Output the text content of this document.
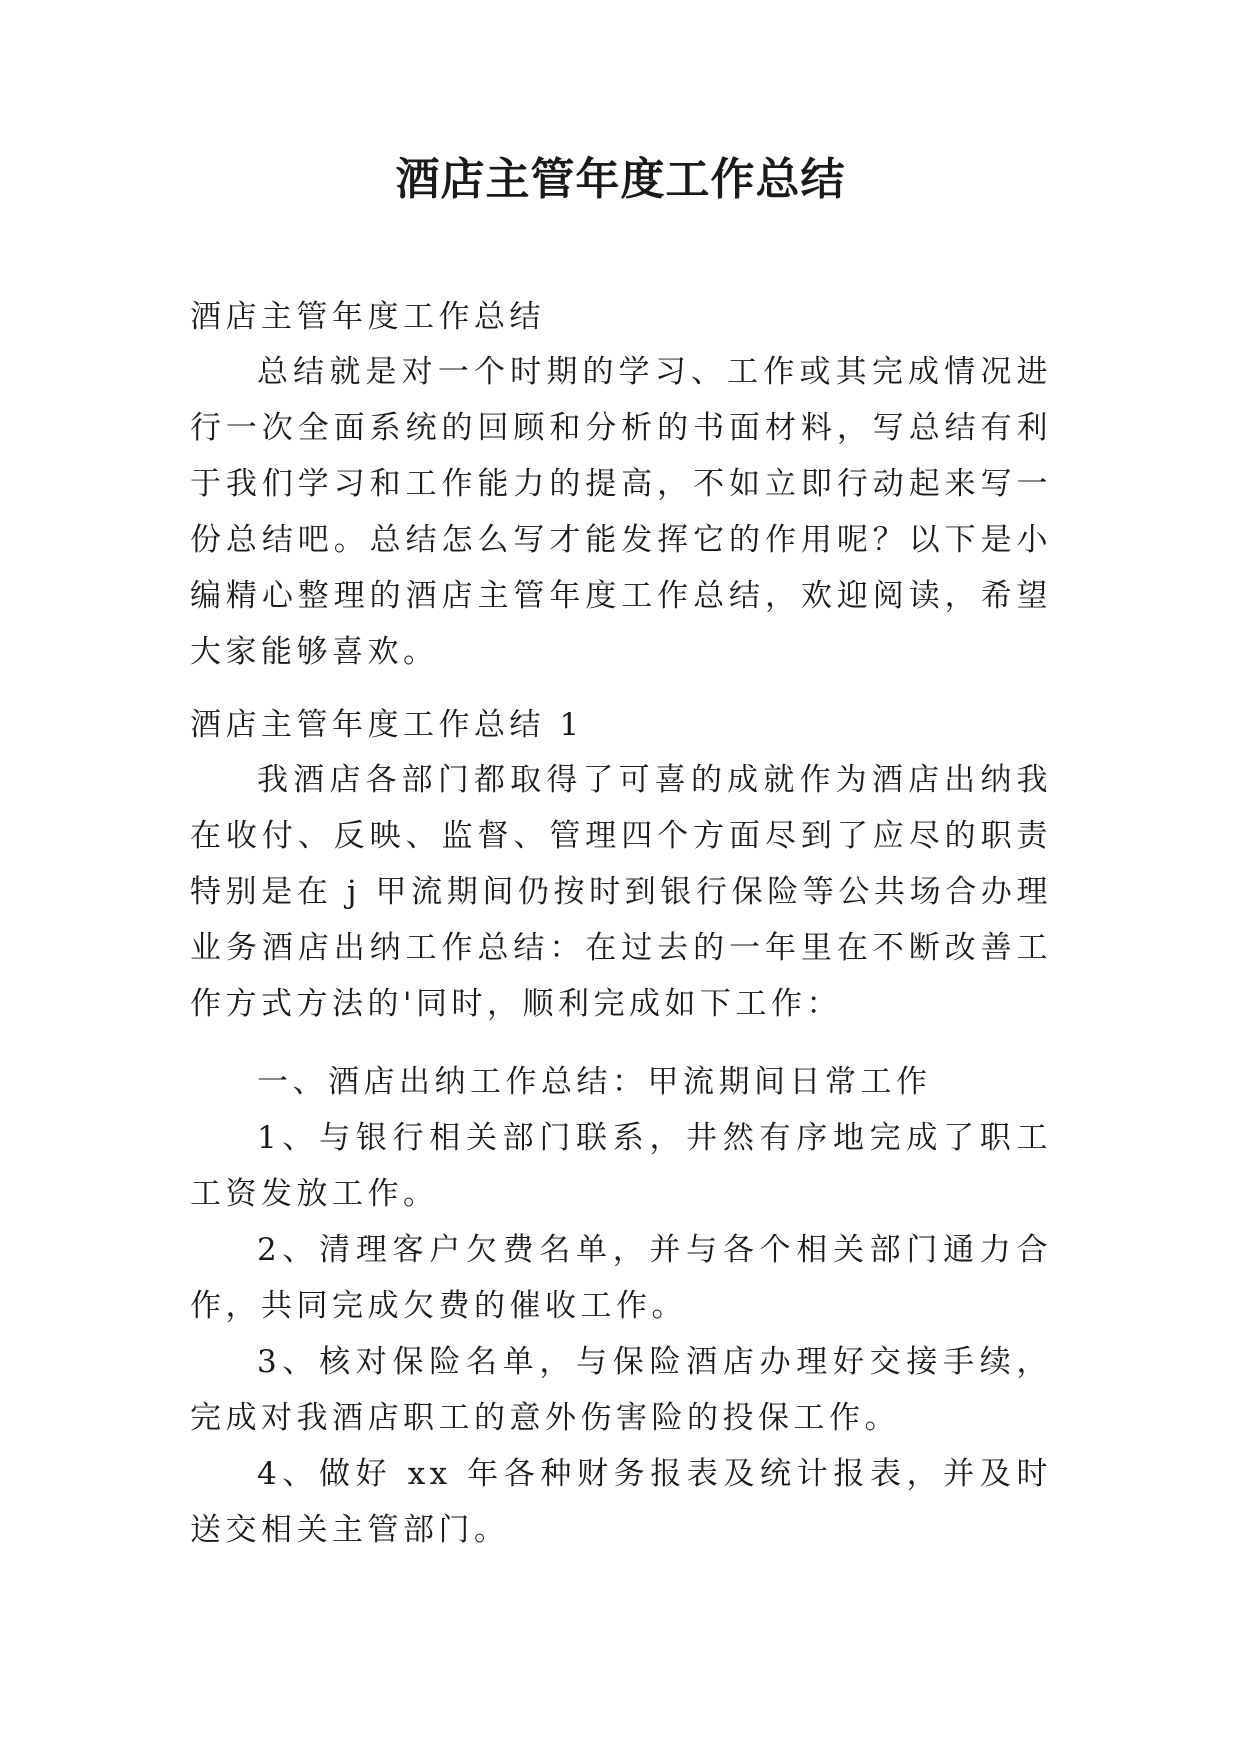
酒店主管年度工作总结

酒店主管年度工作总结

总结就是对一个时期的学习、工作或其完成情况进行一次全面系统的回顾和分析的书面材料，写总结有利于我们学习和工作能力的提高，不如立即行动起来写一份总结吧。总结怎么写才能发挥它的作用呢？以下是小编精心整理的酒店主管年度工作总结，欢迎阅读，希望大家能够喜欢。

酒店主管年度工作总结 1

我酒店各部门都取得了可喜的成就作为酒店出纳我在收付、反映、监督、管理四个方面尽到了应尽的职责特别是在 j 甲流期间仍按时到银行保险等公共场合办理业务酒店出纳工作总结：在过去的一年里在不断改善工作方式方法的'同时，顺利完成如下工作：

一、酒店出纳工作总结：甲流期间日常工作

1、与银行相关部门联系，井然有序地完成了职工工资发放工作。

2、清理客户欠费名单，并与各个相关部门通力合作，共同完成欠费的催收工作。

3、核对保险名单，与保险酒店办理好交接手续，完成对我酒店职工的意外伤害险的投保工作。

4、做好 xx 年各种财务报表及统计报表，并及时送交相关主管部门。
